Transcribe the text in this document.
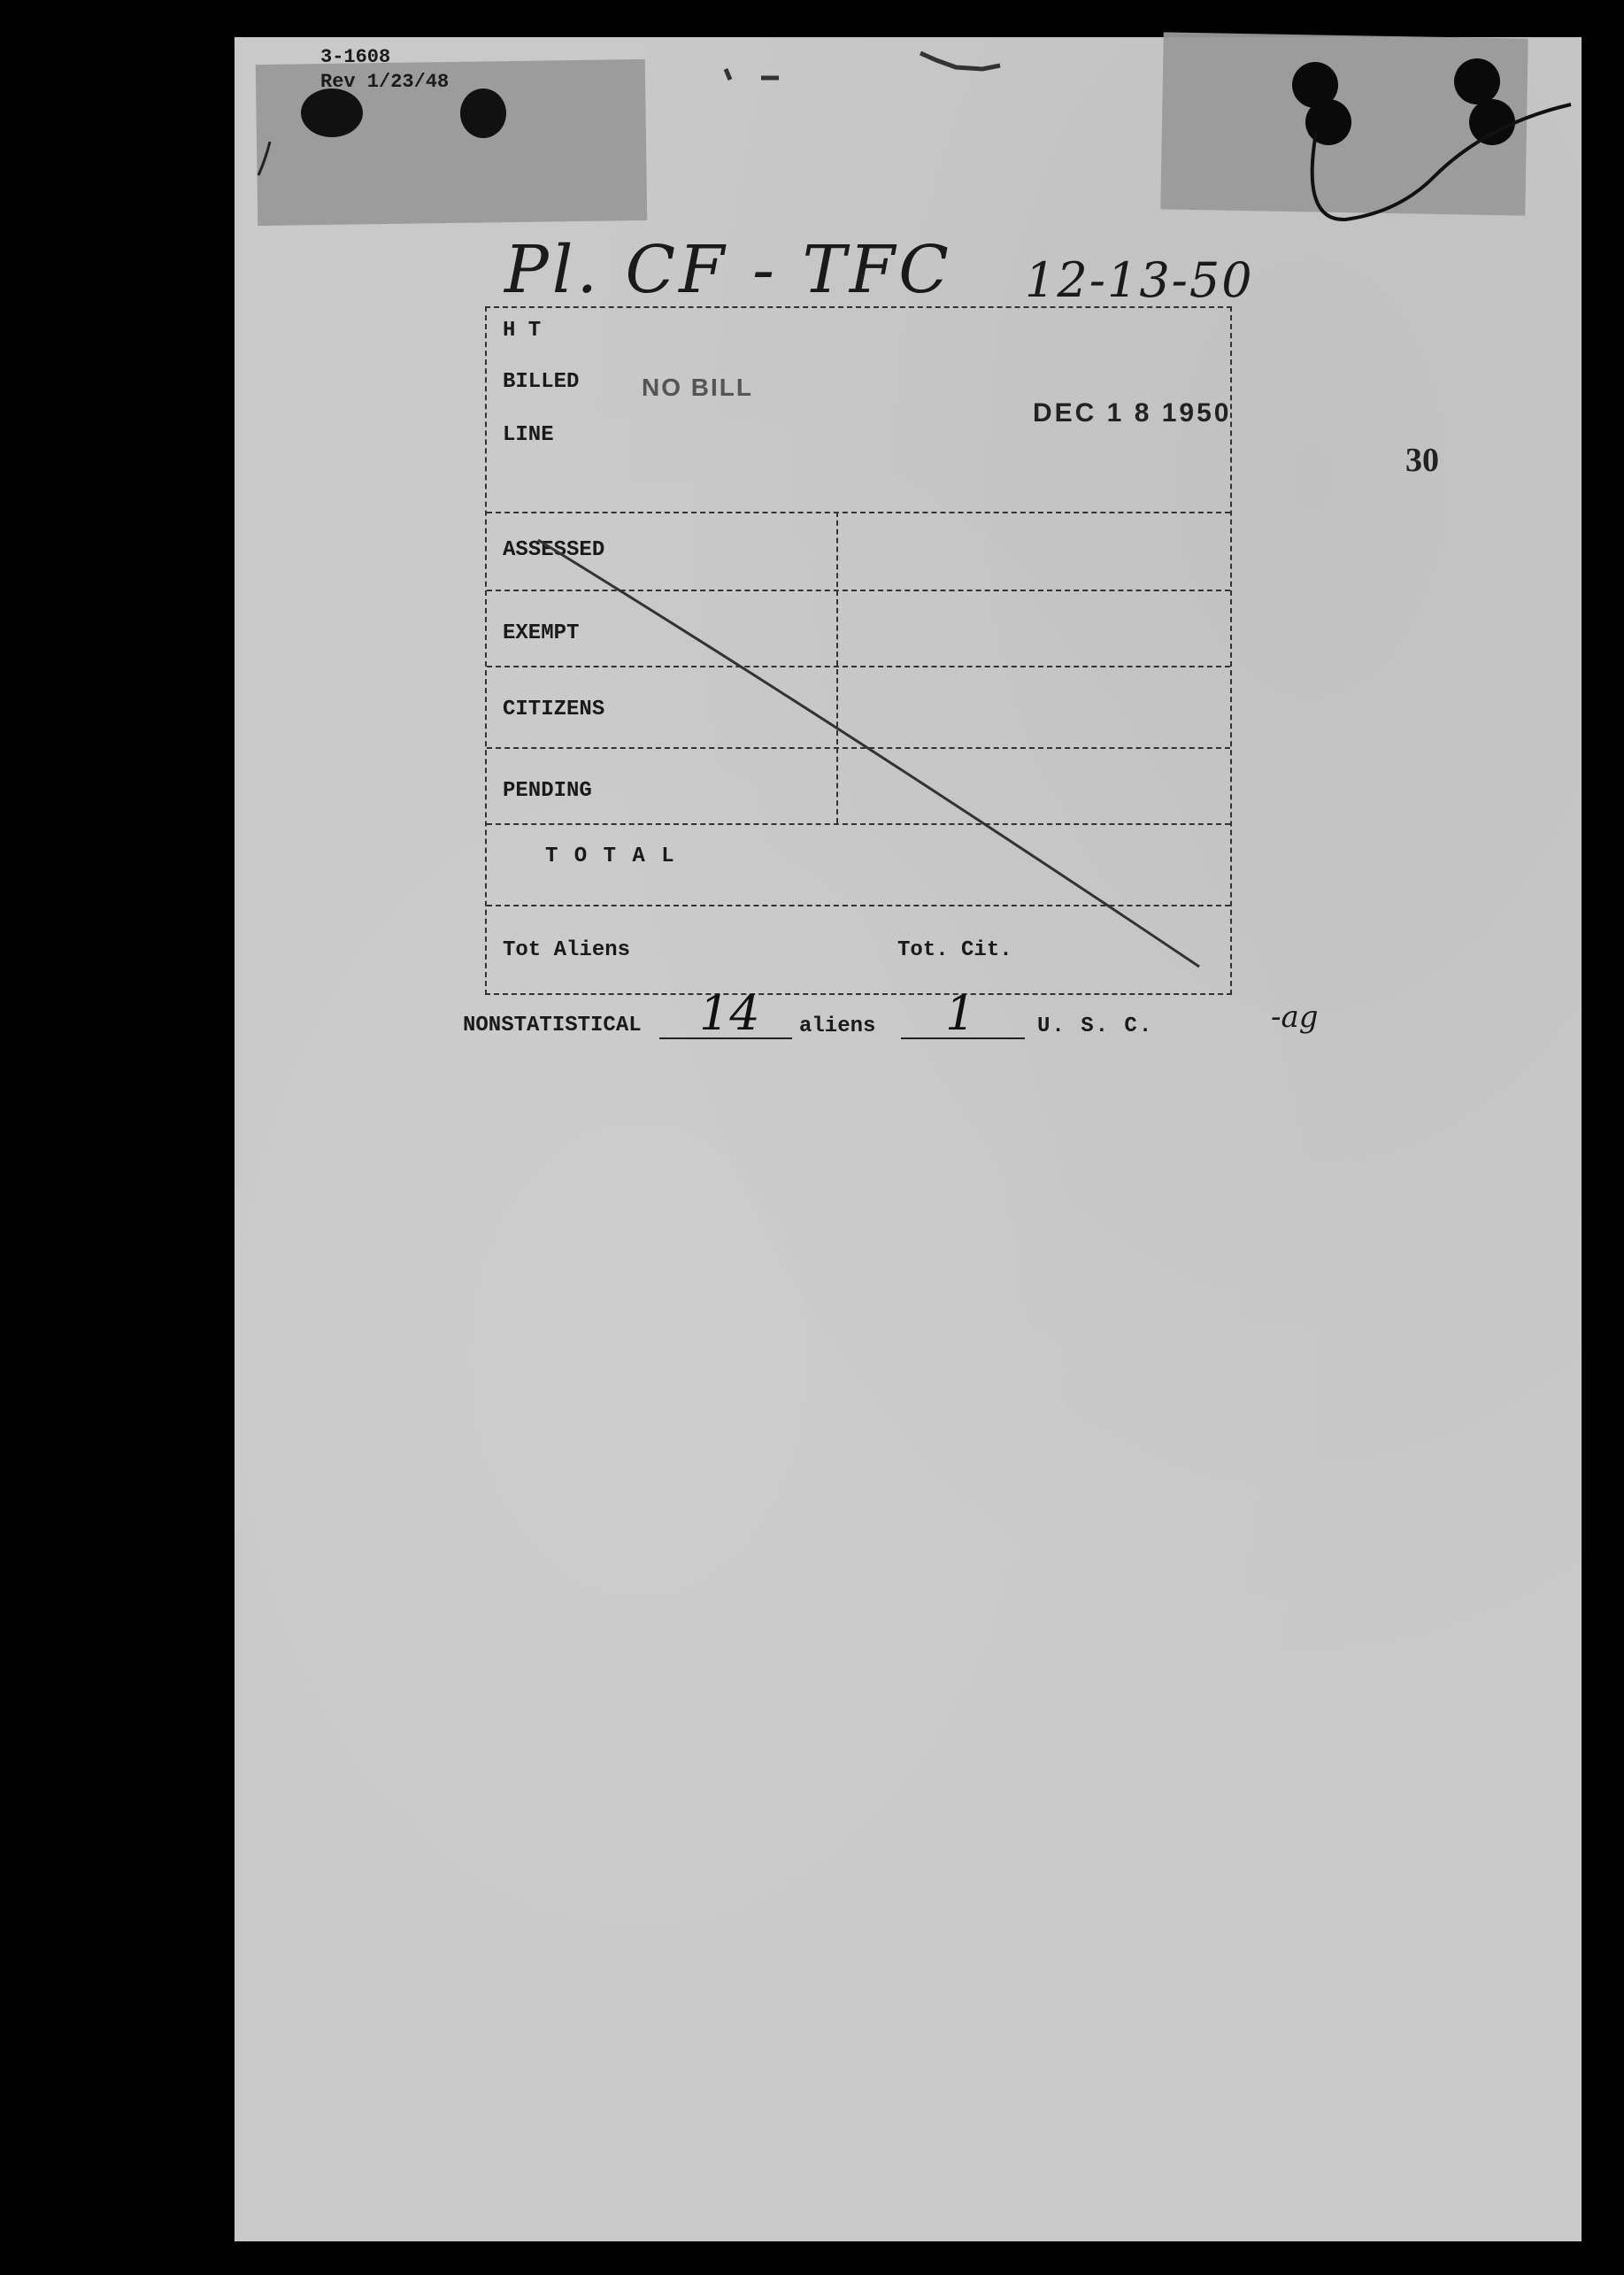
3-1608
Rev 1/23/48
Pl. CF - TFC 12-13-50
H T
BILLED
LINE
ASSESSED
EXEMPT
CITIZENS
PENDING
T O T A L
Tot Aliens	Tot. Cit.
NO BILL
DEC 1 8 1950
30
NONSTATISTICAL 14 aliens 1	U. S. C.	-ag
